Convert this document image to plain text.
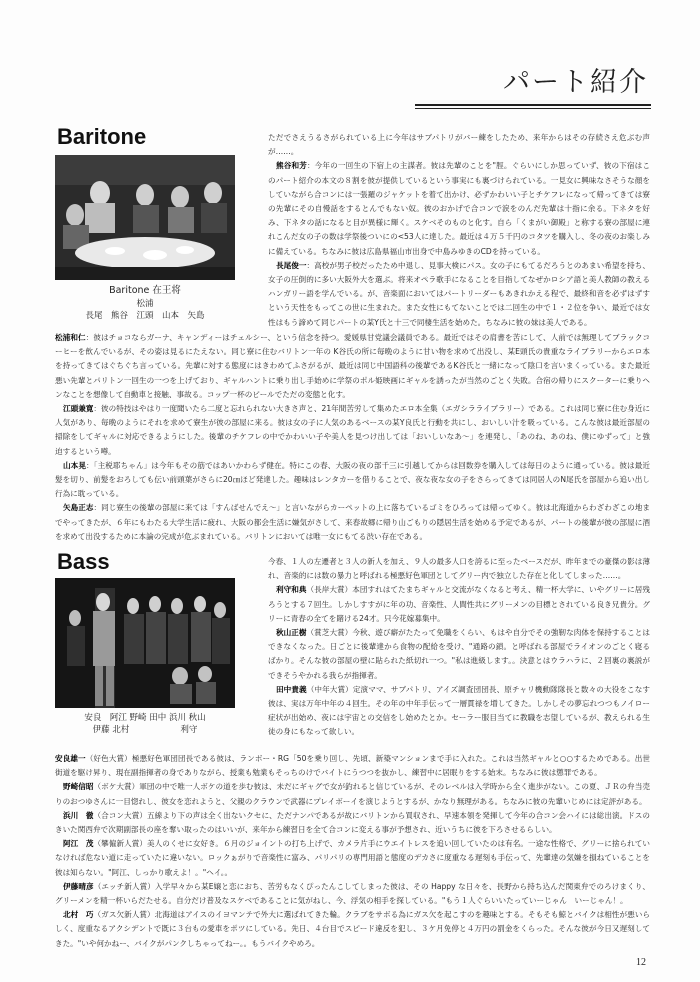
パート紹介
Baritone
Baritone 在王将
松浦
長尾　熊谷　江頭　山本　矢島

ただでさえうるさがられている上に今年はサブパトリがバー練をしたため、来年からはその存続さえ危ぶむ声が……。

熊谷和芳：今年の一回生の下宿上の主謀者。彼は先輩のことを"脛。ぐらいにしか思っていず、彼の下宿はこのパート紹介の本文の８割を彼が提供しているという事実にも裏づけられている。一見女に興味なさそうな顔をしていながら合コンには一張羅のジャケットを着て出かけ、必ずかわいい子とチケフレになって帰ってきては寮の先輩にその自慢話をするとんでもない奴。彼のおかげで合コンで涙をのんだ先輩は十指に余る。下ネタを好み、下ネタの話になると目が異様に輝く。スケベそのものと化す。自ら「くまがい御殿」と称する寮の部屋に連れこんだ女の子の数は学祭後ついにの<53人に達した。最近は４万５千円のコタツを購入し、冬の夜のお楽しみに備えている。ちなみに彼は広島県福山市出身で中島みゆきのCDを持っている。

長尾俊一：高校が男子校だったため中退し、見事大検にパス。女の子にもてるだろうとのあまい希望を持ち、女子の圧倒的に多い大阪外大を選ぶ。将来オペラ歌手になることを目指してなぜかロシア語と美人教師の教えるハンガリー語を学んでいる。が、音楽面においてはパートリーダーもあきれかえる程で、最終和音を必ずはずすという天性をもってこの世に生まれた。また女性にもてないことでは二回生の中で１・２位を争い、最近では女性はもう諦めて同じパートの某Y氏と十三で同棲生活を始めた。ちなみに彼の妹は美人である。

松浦和仁：彼はチョコならガーナ、キャンディーはチェルシー、という信念を持つ。愛媛県甘党議会議員である。最近ではその肩書を苦にして、人前では無理してブラックコーヒーを飲んでいるが、その姿は見るにたえない。同じ寮に住むバリトン一年の K谷氏の所に毎晩のように甘い物を求めて出没し、某E頭氏の貴重なライブラリーからエロ本を持ってきてはぐちぐち言っている。先輩に対する態度にはきわめてふさがるが、最近は同じ中国語科の後輩であるK谷氏と一緒になって陰口を言いまくっている。また最近悪い先輩とパリトン一回生の一つを上げており、ギャルハントに乗り出し手始めに学祭のポル姫映画にギャルを誘ったが当然のごとく失敗。合宿の帰りにスクーターに乗りヘンなことを想像して自動車と接触、事故る。コップ一杯のビールでただの変態と化す。

江頭兼寛：彼の特技はやはり一度聞いたら二度と忘れられない大きさ声と、21年間苦労して集めたエロ本全集（エガシラライブラリー）である。これは同じ寮に住む身近に人気があり、毎晩のようにそれを求めて寮生が彼の部屋に来る。彼は女の子に人気のあるベースの某Y良氏と行動を共にし、おいしい汁を吸っている。こんな彼は最近部屋の掃除をしてギャルに対応できるようにした。後輩のチケフレの中でかわいい子や美人を見つけ出しては「おいしいなあ〜」を連発し、「あのね、あのね、僕にゆずって」と強迫するという噂。

山本晃：「主税耶ちゃん」は今年もその筋ではあいかわらず健在。特にこの春、大阪の夜の部千三に引越してからは回数券を購入しては毎日のように通っている。彼は最近髪を切り、前髪をおろしても伝い前頭葉がさらに20㎝ほど発達した。趣味はレンタカーを借りることで、夜な夜な女の子をさらってきては同居人のN尾氏を部屋から追い出し行為に耽っている。

矢島正志：同じ寮生の後輩の部屋に来ては「すんばせんでえ〜」と言いながらカーペットの上に落ちているゴミをひろっては帰ってゆく。彼は北海道からわざわざこの地までやってきたが、６年にもわたる大学生活に疲れ、大阪の都会生活に嫌気がさして、来春故郷に帰り山ごもりの隠居生活を始める予定であるが、パートの後輩が彼の部屋に酒を求めて出没するために本論の完成が危ぶまれている。バリトンにおいては唯一女にもてる渋い存在である。

Bass
安良　阿江 野崎 田中 浜川 秋山
伊藤 北村　　　　　　利守

今春、１人の左遷者と３人の新人を加え、９人の最多人口を誇るに至ったベースだが、昨年までの豪傑の影は薄れ、音楽的には数の暴力と呼ばれる極悪好色軍団としてグリー内で独立した存在と化してしまった……。

利守和典（長岸大賞）本団すれはてたまちギャルと交流がなくなると考え、精一杯大学に、いやグリーに居残ろうとする７回生。しかしすすがに年の功、音楽性、人間性共にグリーメンの目標とされている良き兄貴分。グリーに青春の全てを賭ける24才。只今花嫁募集中。

秋山正樹（賞芝大賞）今秋、遊び癖がたたって免職をくらい、もはや自分でその強靭な肉体を保持することはできなくなった。日ごとに後輩達から食物の配給を受け、"通路の鎖。と呼ばれる部屋でライオンのごとく寝るばかり。そんな彼の部屋の壁に貼られた紙切れ一つ。"私は進級します。。決意とはウラハラに、２回裏の裏説ができそうやかれる我らが指揮者。

田中貴義（中年大賞）定演ママ、サブパトリ、アイズ調査団団長、原チャリ機動隊隊長と数々の大役をこなす彼は、実は万年中年の４回生。その年の中年手伝って一層貫禄を増してきた。しかしその夢忘れつつもノイロー症状が出始め、夜には宇宙との交信をし始めたとか。セーラー服目当てに教職を志望しているが、教えられる生徒の身にもなって欲しい。

安良雄一（好色大賞）極悪好色軍団団長である彼は、ランボー・RG「50を乗り回し、先頃、新築マンションまで手に入れた。これは当然ギャルと○○するためである。出世街道を駆け昇り、現在副指揮者の身でありながら、授業も勉業もそっちのけでバイトにうつつを抜かし、練習中に居眠りをする始末。ちなみに彼は懲罪である。

野崎信昭（ボケ大賞）軍団の中で唯一人ボケの道を歩む彼は、未だにギャグで女が釣れると信じているが、そのレベルは入学時から全く進歩がない。この夏、ＪＲの弁当売りのおつゆさんに一目惚れし、彼女を恋れようと、父親のクラウンで武器にプレイボーイを演じようとするが、かなり無理がある。ちなみに彼の先輩いじめには定評がある。

浜川　徹（合コン大賞）五線より下の声は全く出ないクセに、ただナンパであるが故にバリトンから買収され、早速本領を発揮して今年の合コン会ハイには総出演。ドスのきいた関西弁で次期副部長の座を奪い取ったのはいいが、来年から練習日を全て合コンに変える事が予想され、近いうちに彼を下ろさせるらしい。

阿江　茂（攀僱新人賞）美人のくせに女好き。６月のジョイントの打ち上げで、カメラ片手にウエイトレスを追い回していたのは有名。一途な性格で、グリーに捨られていなければ危ない道に走っていたに違いない。ロックぁがりで音楽性に富み、パリパリの専門用語と態度のデカさに度重なる遅刻も手伝って、先輩達の気嫌を損ねていることを彼は知らない。"阿江、しっかり歌えよ！。"ヘイ。。

伊藤晴彦（エッチ新人賞）入学早々から某E嬢と恋におち、苦労もなくぴったんこしてしまった彼は、その Happy な日々を、長野から持ち込んだ関東弁でのろけまくり、グリーメンを精一杯いらだたせる。自分だけ普及なスケベであることに気がねし、今、浮気の相手を探している。"もう１人ぐらいいたっていーじゃん　いーじゃん！。

北村　巧（ガス欠新人賞）北海道はアイスのイヨマンテで外大に選ばれてきた輪。クラブをサボる為にガス欠を起こすのを趣味とする。そもそも鯨とバイクは相性が悪いらしく、度重なるアクシデントで既に３台もの愛車をポツにしている。先日、４台目でスピード違反を犯し、３ケ月免停と４万円の罰金をくらった。そんな彼が今日又遅刻してきた。"いや何かねー、バイクがパンクしちゃってねー。。もうバイクやめろ。

12
